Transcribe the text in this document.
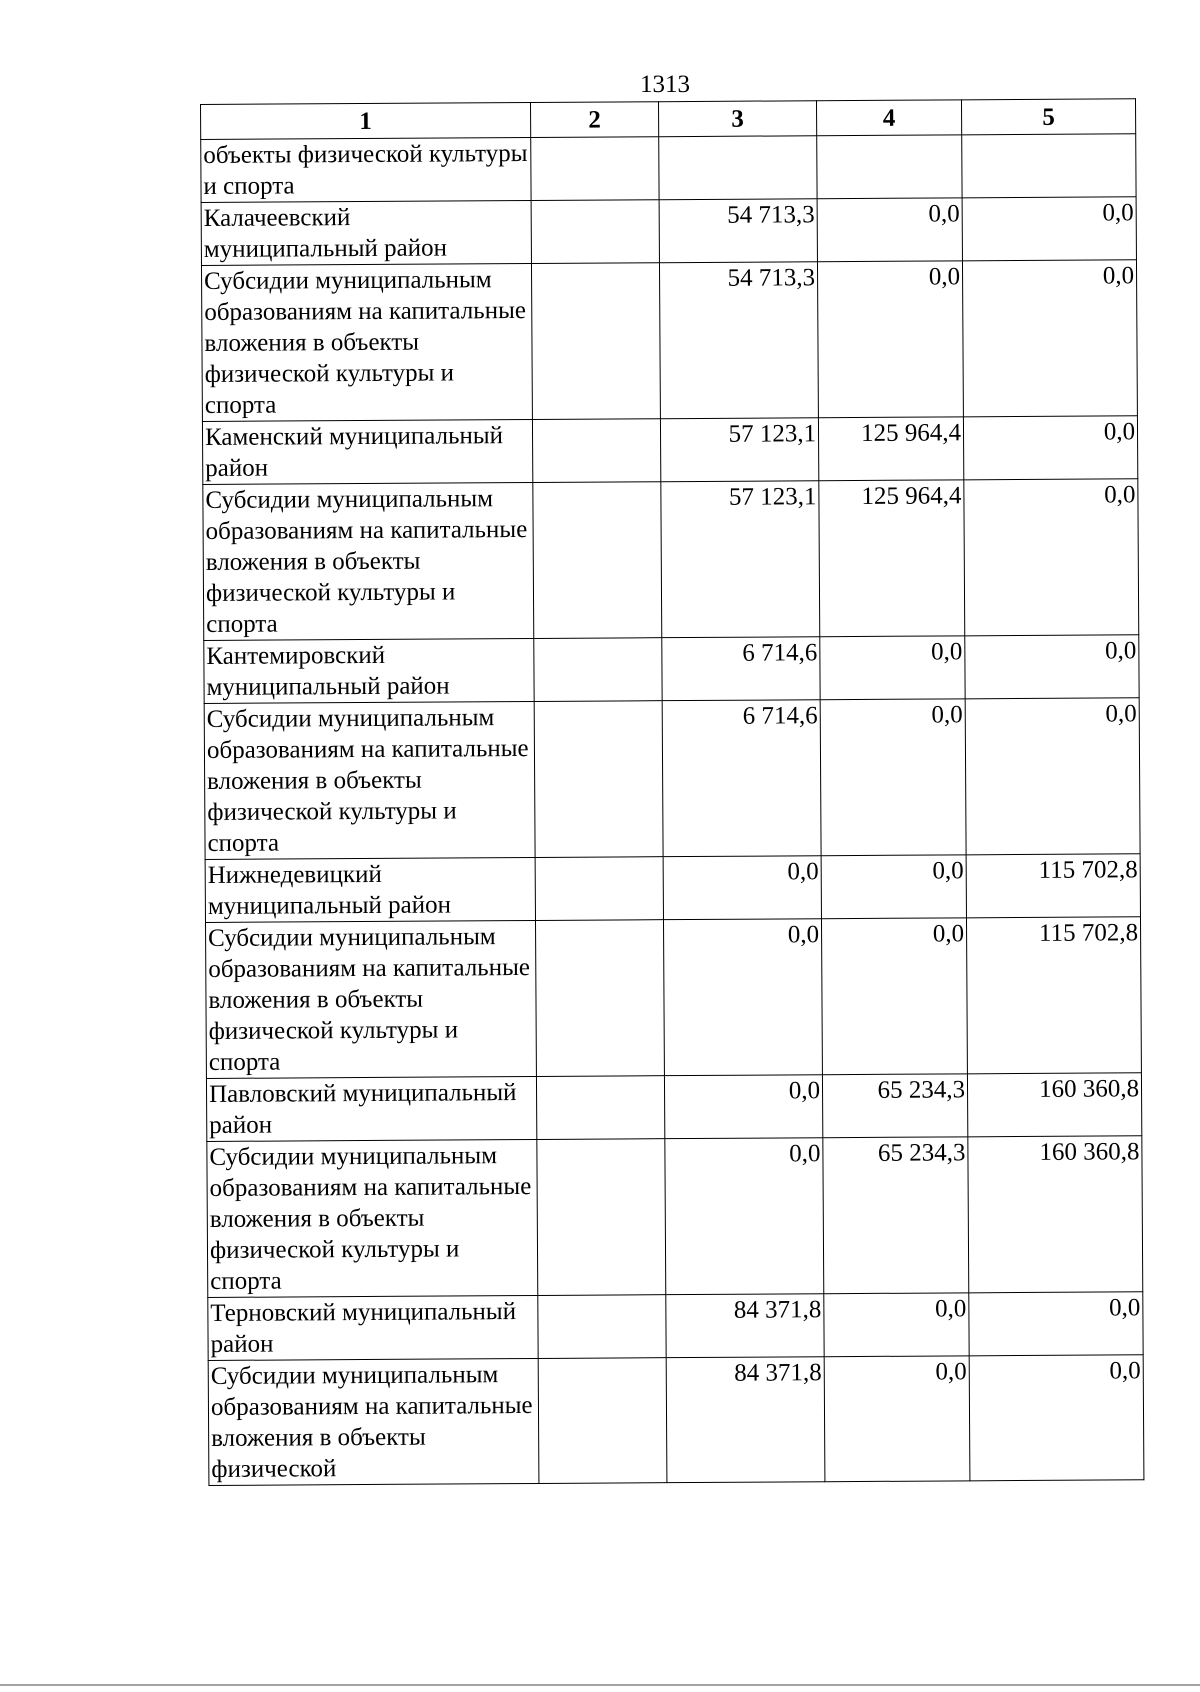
1313
1	2	3	4	5
объекты физической культуры и спорта				
Калачеевский муниципальный район		54 713,3	0,0	0,0
Субсидии муниципальным образованиям на капитальные вложения в объекты физической культуры и спорта		54 713,3	0,0	0,0
Каменский муниципальный район		57 123,1	125 964,4	0,0
Субсидии муниципальным образованиям на капитальные вложения в объекты физической культуры и спорта		57 123,1	125 964,4	0,0
Кантемировский муниципальный район		6 714,6	0,0	0,0
Субсидии муниципальным образованиям на капитальные вложения в объекты физической культуры и спорта		6 714,6	0,0	0,0
Нижнедевицкий муниципальный район		0,0	0,0	115 702,8
Субсидии муниципальным образованиям на капитальные вложения в объекты физической культуры и спорта		0,0	0,0	115 702,8
Павловский муниципальный район		0,0	65 234,3	160 360,8
Субсидии муниципальным образованиям на капитальные вложения в объекты физической культуры и спорта		0,0	65 234,3	160 360,8
Терновский муниципальный район		84 371,8	0,0	0,0
Субсидии муниципальным образованиям на капитальные вложения в объекты физической		84 371,8	0,0	0,0
